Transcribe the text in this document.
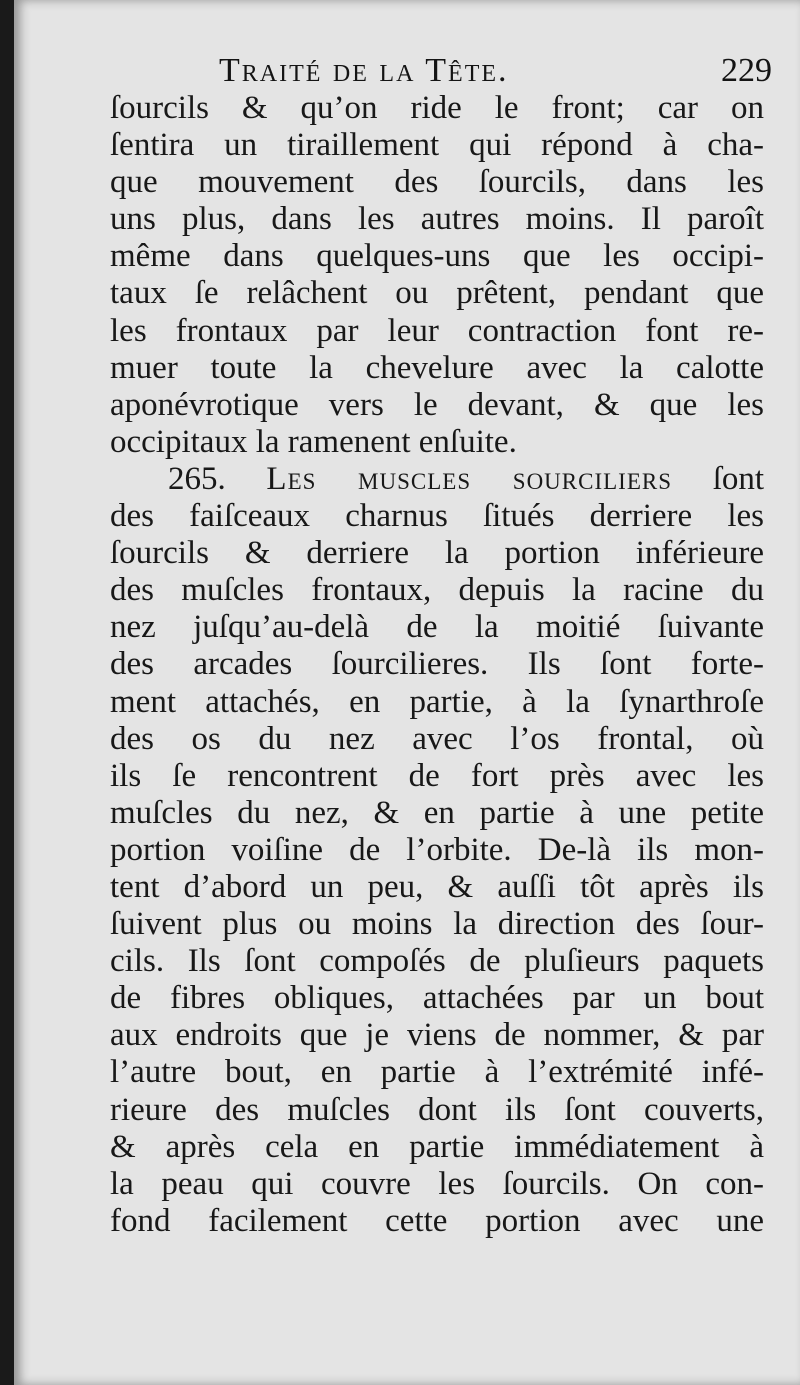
Traité de la Tête.	229
ſourcils & qu’on ride le front; car on
ſentira un tiraillement qui répond à cha-
que mouvement des ſourcils, dans les
uns plus, dans les autres moins. Il paroît
même dans quelques-uns que les occipi-
taux ſe relâchent ou prêtent, pendant que
les frontaux par leur contraction font re-
muer toute la chevelure avec la calotte
aponévrotique vers le devant, & que les
occipitaux la ramenent enſuite.
265. Les muscles sourciliers ſont
des faiſceaux charnus ſitués derriere les
ſourcils & derriere la portion inférieure
des muſcles frontaux, depuis la racine du
nez juſqu’au-delà de la moitié ſuivante
des arcades ſourcilieres. Ils ſont forte-
ment attachés, en partie, à la ſynarthroſe
des os du nez avec l’os frontal, où
ils ſe rencontrent de fort près avec les
muſcles du nez, & en partie à une petite
portion voiſine de l’orbite. De-là ils mon-
tent d’abord un peu, & auſſi tôt après ils
ſuivent plus ou moins la direction des ſour-
cils. Ils ſont compoſés de pluſieurs paquets
de fibres obliques, attachées par un bout
aux endroits que je viens de nommer, & par
l’autre bout, en partie à l’extrémité infé-
rieure des muſcles dont ils ſont couverts,
& après cela en partie immédiatement à
la peau qui couvre les ſourcils. On con-
fond facilement cette portion avec une
